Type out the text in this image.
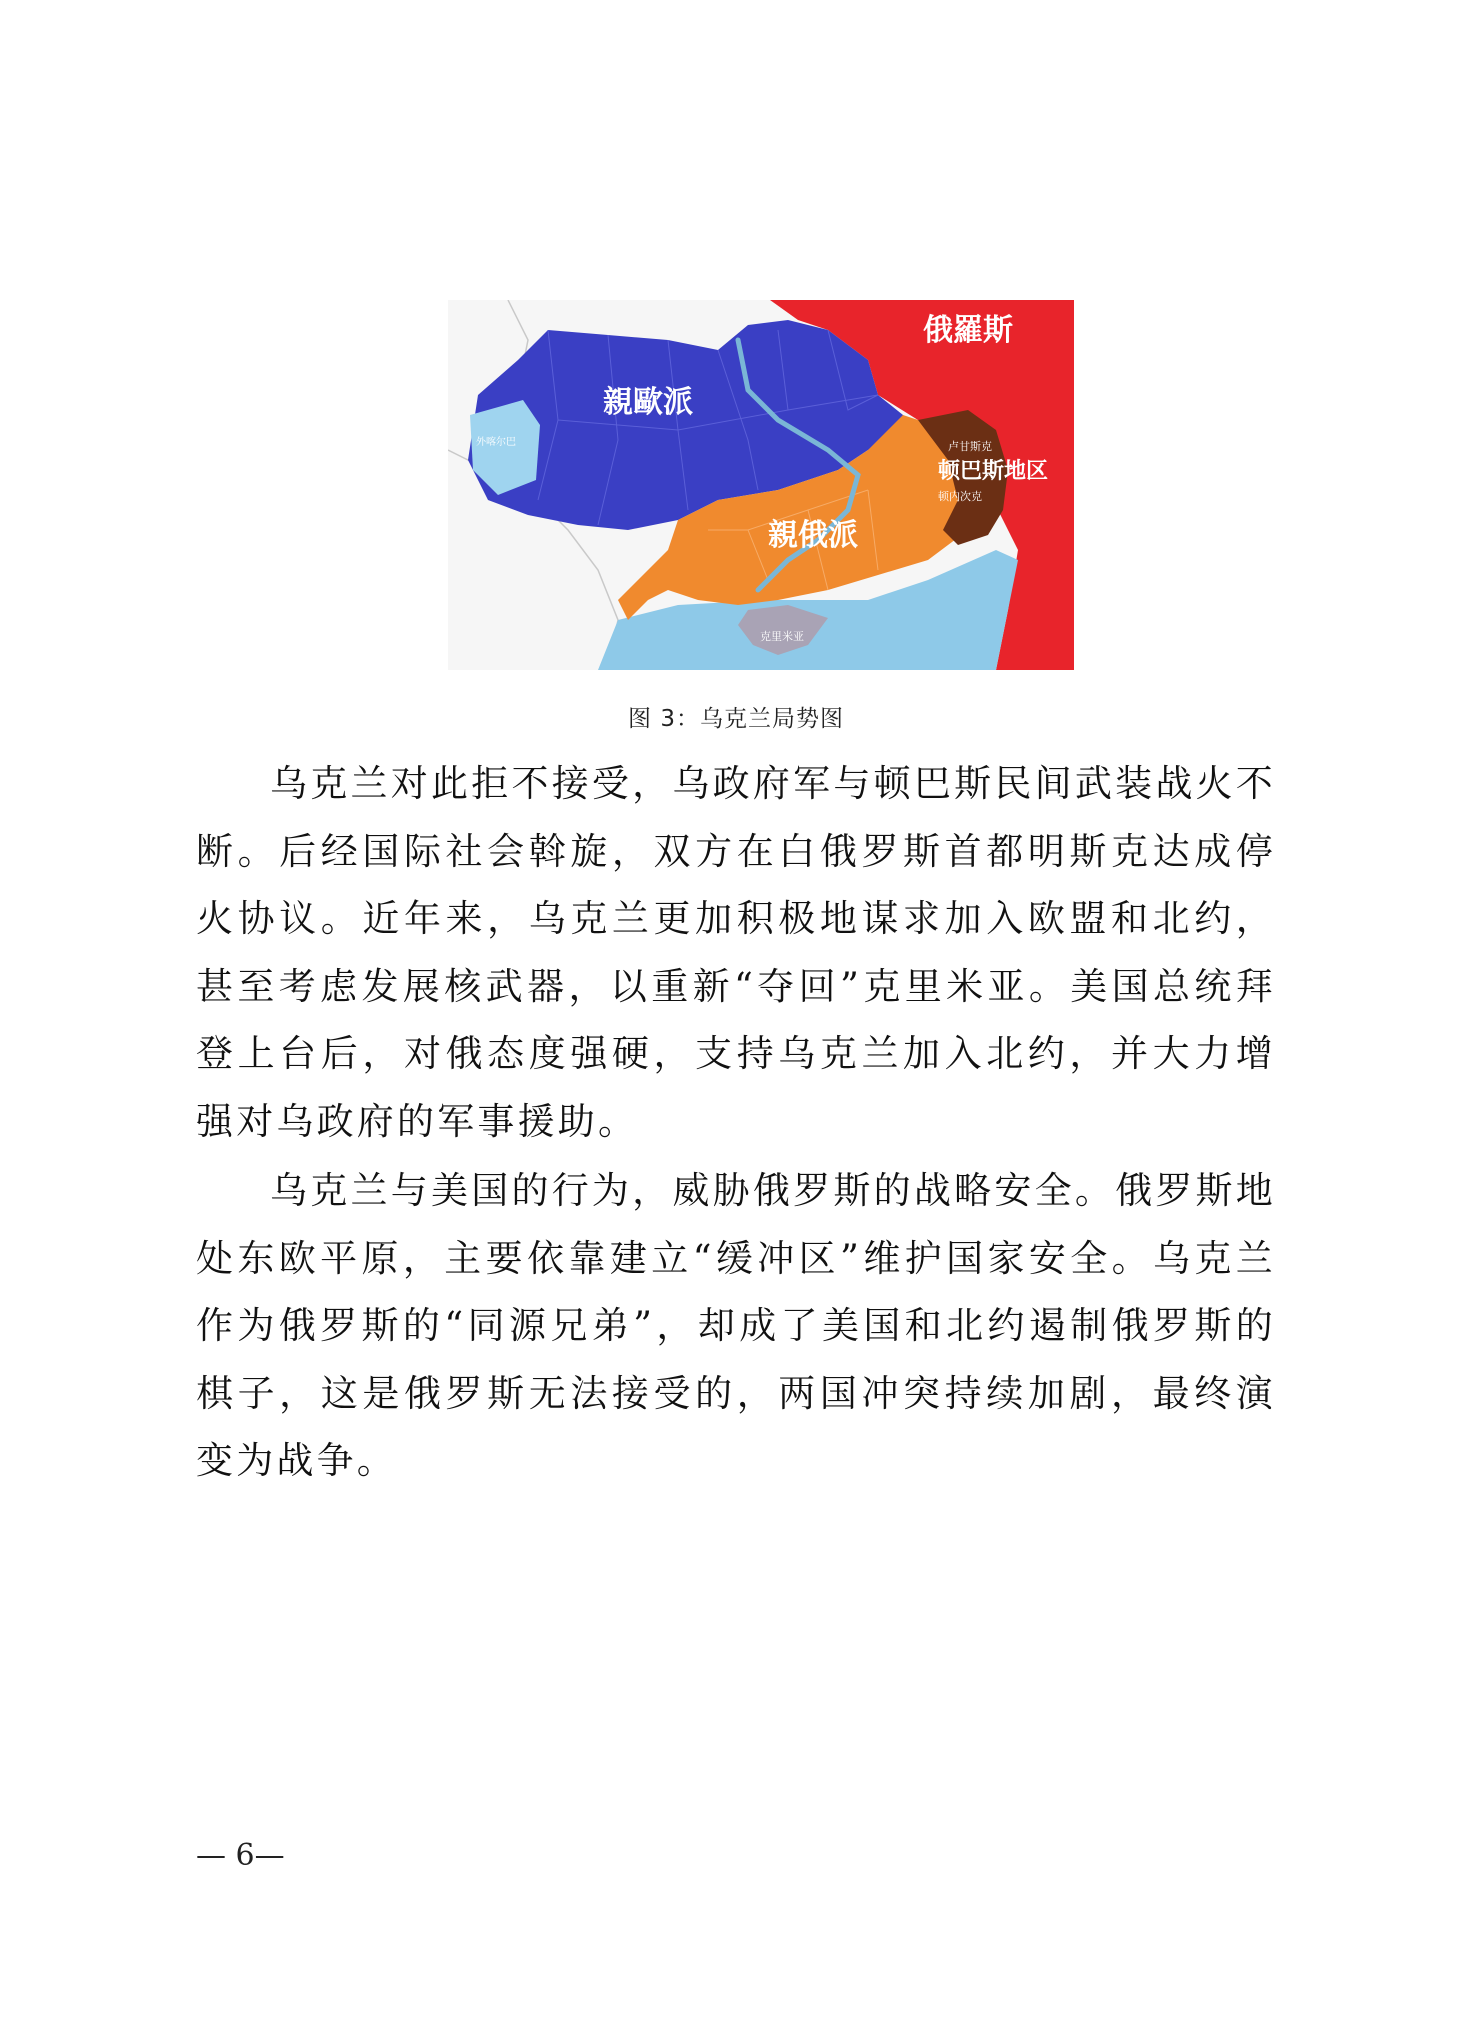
俄羅斯
親歐派
親俄派
顿巴斯地区
卢甘斯克
顿内次克
外喀尔巴
克里米亚
图 3：乌克兰局势图

乌克兰对此拒不接受，乌政府军与顿巴斯民间武装战火不断。后经国际社会斡旋，双方在白俄罗斯首都明斯克达成停火协议。近年来，乌克兰更加积极地谋求加入欧盟和北约，甚至考虑发展核武器，以重新“夺回”克里米亚。美国总统拜登上台后，对俄态度强硬，支持乌克兰加入北约，并大力增强对乌政府的军事援助。

乌克兰与美国的行为，威胁俄罗斯的战略安全。俄罗斯地处东欧平原，主要依靠建立“缓冲区”维护国家安全。乌克兰作为俄罗斯的“同源兄弟”，却成了美国和北约遏制俄罗斯的棋子，这是俄罗斯无法接受的，两国冲突持续加剧，最终演变为战争。

— 6—
